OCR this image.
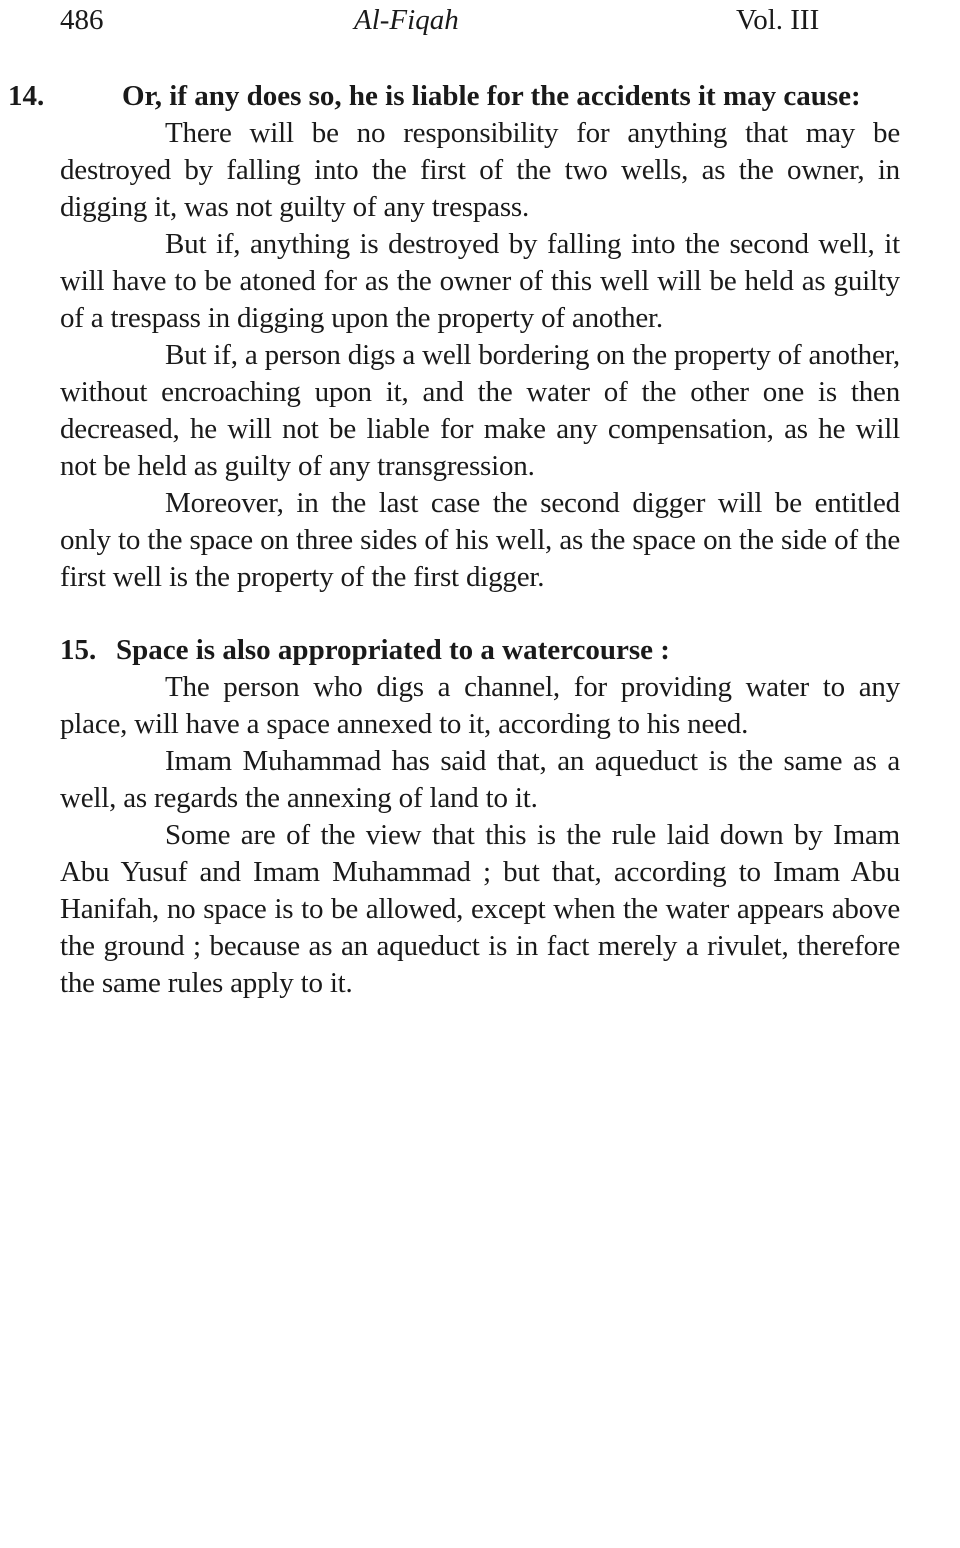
486	Al-Fiqah	Vol. III
14.	Or, if any does so, he is liable for the accidents it may cause:

There will be no responsibility for anything that may be destroyed by falling into the first of the two wells, as the owner, in digging it, was not guilty of any trespass.

But if, anything is destroyed by falling into the second well, it will have to be atoned for as the owner of this well will be held as guilty of a trespass in digging upon the property of another.

But if, a person digs a well bordering on the property of another, without encroaching upon it, and the water of the other one is then decreased, he will not be liable for make any compensation, as he will not be held as guilty of any transgression.

Moreover, in the last case the second digger will be entitled only to the space on three sides of his well, as the space on the side of the first well is the property of the first digger.

15. Space is also appropriated to a watercourse :

The person who digs a channel, for providing water to any place, will have a space annexed to it, according to his need.

Imam Muhammad has said that, an aqueduct is the same as a well, as regards the annexing of land to it.

Some are of the view that this is the rule laid down by Imam Abu Yusuf and Imam Muhammad ; but that, according to Imam Abu Hanifah, no space is to be allowed, except when the water appears above the ground ; because as an aqueduct is in fact merely a rivulet, therefore the same rules apply to it.
